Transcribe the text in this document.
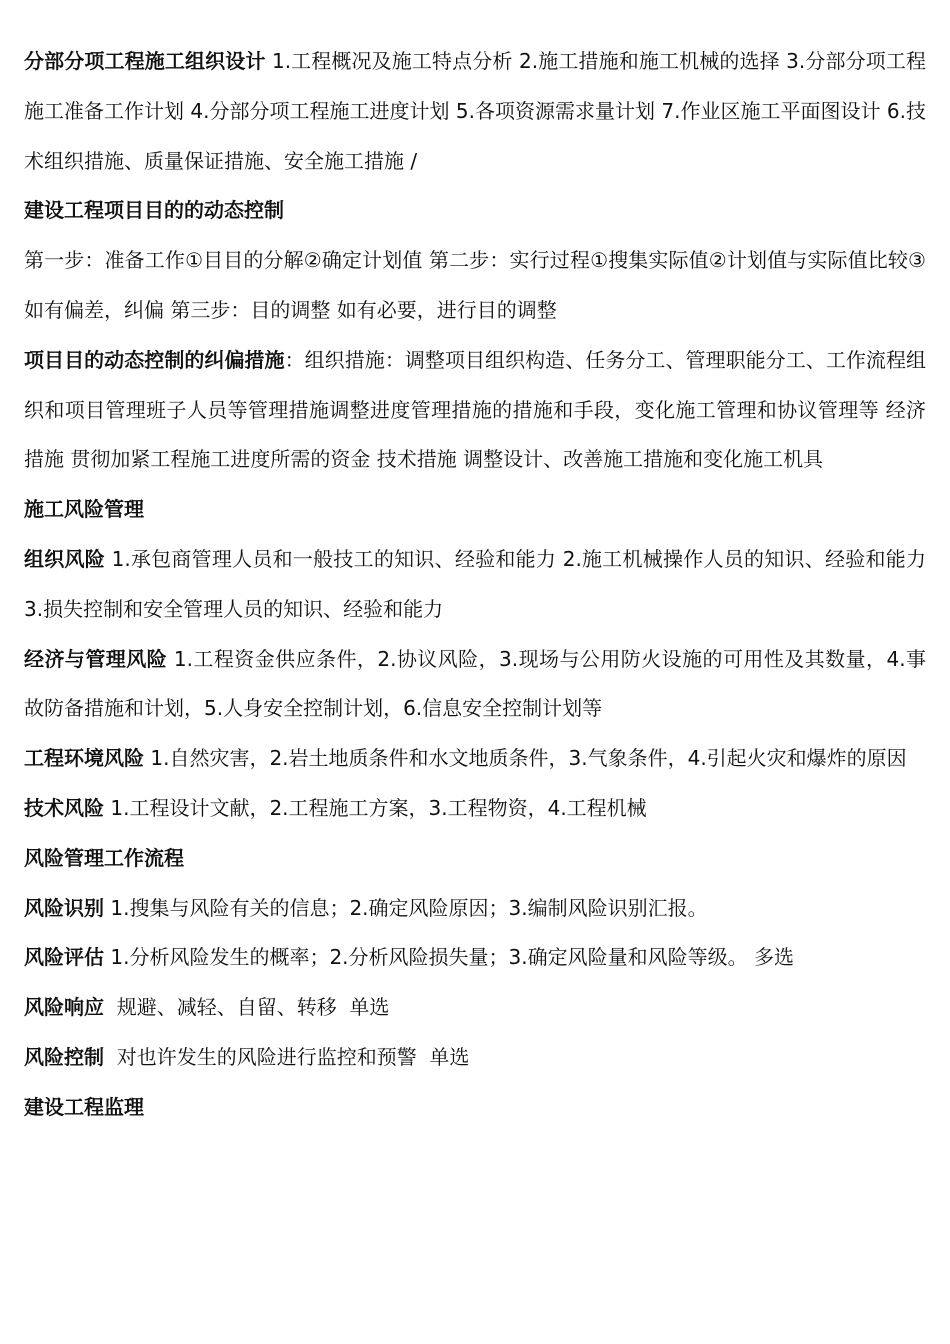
分部分项工程施工组织设计 1.工程概况及施工特点分析 2.施工措施和施工机械的选择 3.分部分项工程施工准备工作计划 4.分部分项工程施工进度计划 5.各项资源需求量计划 7.作业区施工平面图设计 6.技术组织措施、质量保证措施、安全施工措施 /

建设工程项目目的的动态控制

第一步：准备工作①目目的分解②确定计划值 第二步：实行过程①搜集实际值②计划值与实际值比较③如有偏差，纠偏 第三步：目的调整 如有必要，进行目的调整

项目目的动态控制的纠偏措施：组织措施：调整项目组织构造、任务分工、管理职能分工、工作流程组织和项目管理班子人员等管理措施调整进度管理措施的措施和手段，变化施工管理和协议管理等 经济措施 贯彻加紧工程施工进度所需的资金 技术措施 调整设计、改善施工措施和变化施工机具

施工风险管理

组织风险 1.承包商管理人员和一般技工的知识、经验和能力 2.施工机械操作人员的知识、经验和能力 3.损失控制和安全管理人员的知识、经验和能力

经济与管理风险 1.工程资金供应条件，2.协议风险，3.现场与公用防火设施的可用性及其数量，4.事故防备措施和计划，5.人身安全控制计划，6.信息安全控制计划等

工程环境风险 1.自然灾害，2.岩土地质条件和水文地质条件，3.气象条件，4.引起火灾和爆炸的原因

技术风险 1.工程设计文献，2.工程施工方案，3.工程物资，4.工程机械

风险管理工作流程

风险识别 1.搜集与风险有关的信息；2.确定风险原因；3.编制风险识别汇报。

风险评估 1.分析风险发生的概率；2.分析风险损失量；3.确定风险量和风险等级。 多选

风险响应  规避、减轻、自留、转移  单选

风险控制  对也许发生的风险进行监控和预警  单选

建设工程监理
